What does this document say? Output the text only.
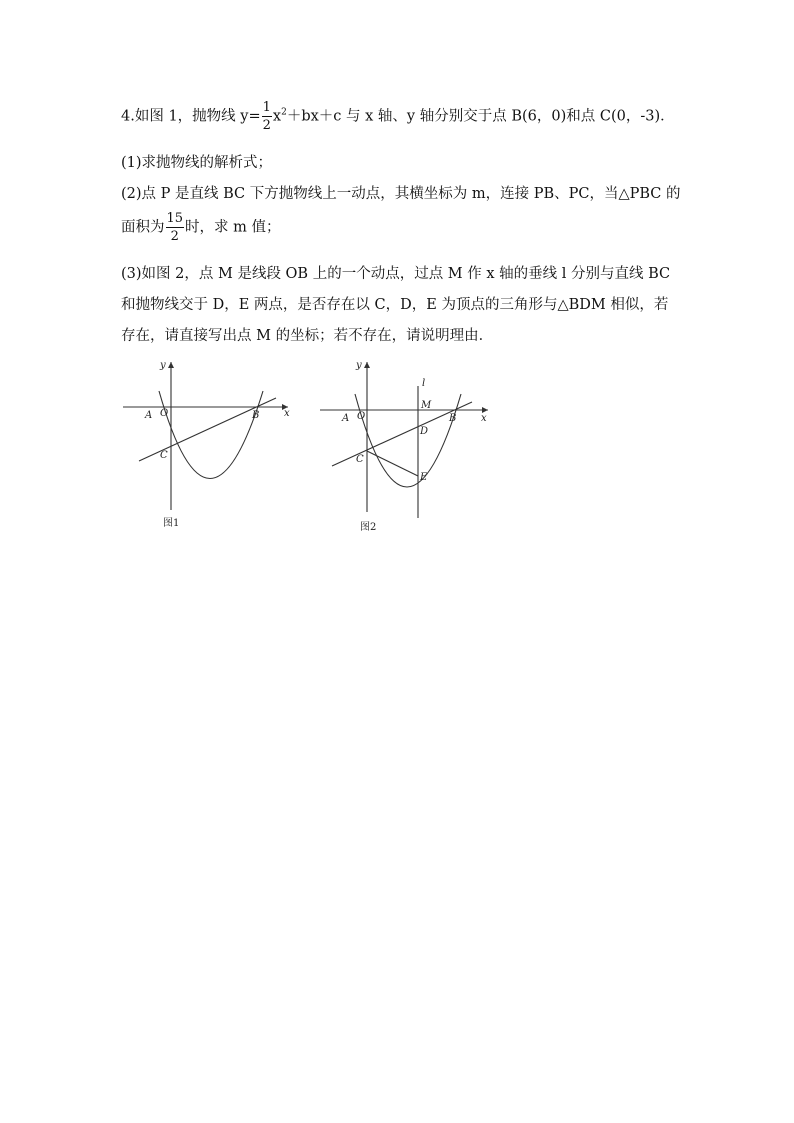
4.如图 1，抛物线 $y= \frac{1}{2} x^2+bx+c$ 与 x 轴、y 轴分别交于点 B(6，0)和点 C(0，-3)．
(1)求抛物线的解析式；
(2)点 P 是直线 BC 下方抛物线上一动点，其横坐标为 m，连接 PB、PC，当△PBC 的
面积为 $\frac{15}{2}$ 时，求 m 值；
(3)如图 2，点 M 是线段 OB 上的一个动点，过点 M 作 x 轴的垂线 l 分别与直线 BC
和抛物线交于 D，E 两点，是否存在以 C，D，E 为顶点的三角形与△BDM 相似，若
存在，请直接写出点 M 的坐标；若不存在，请说明理由．
y
x
A O	B
C
图1
y
x
l
A O
M
B
D
C
E
图2
